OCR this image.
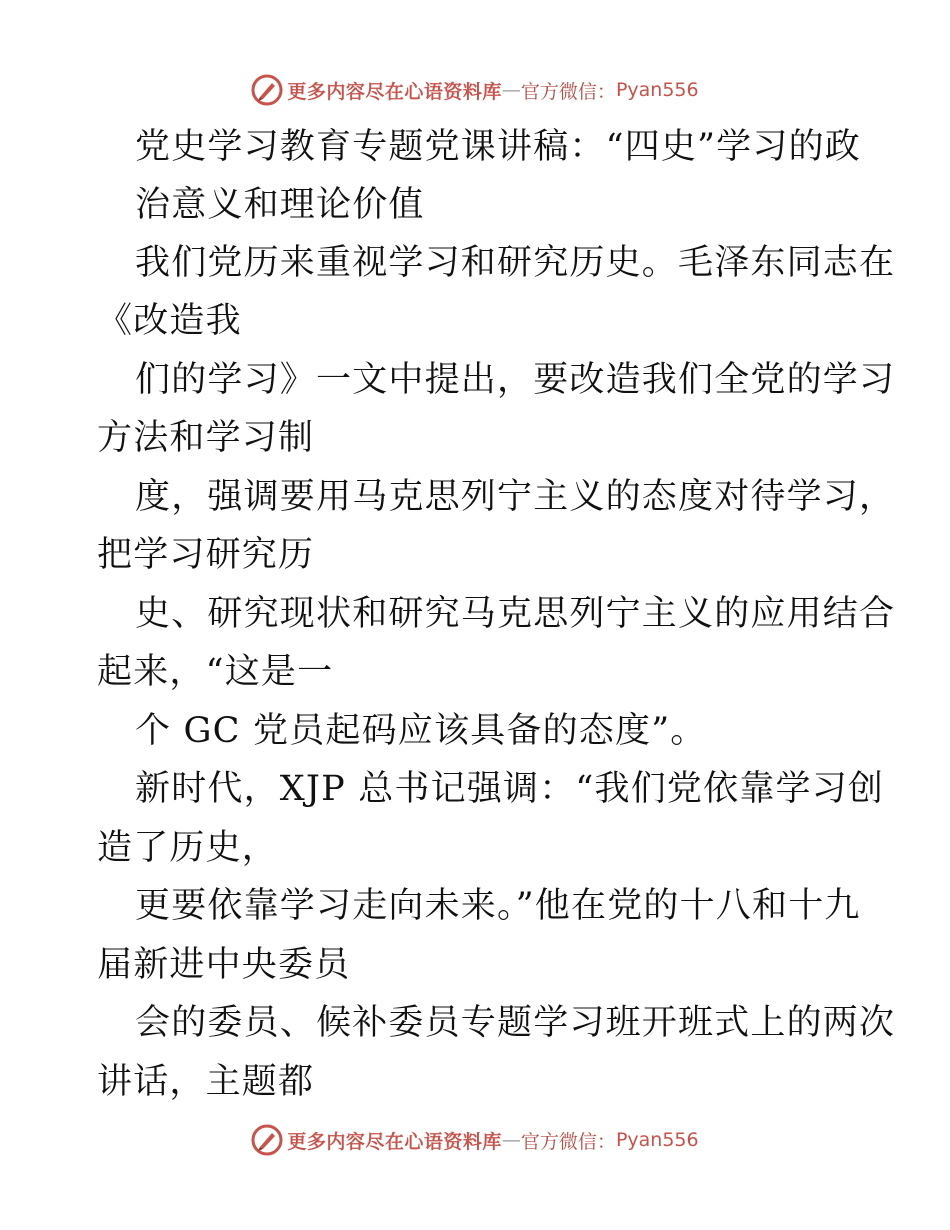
更多内容尽在心语资料库 — 官方微信： Pyan556
党史学习教育专题党课讲稿：“四史”学习的政
治意义和理论价值
我们党历来重视学习和研究历史。毛泽东同志在
《改造我
们的学习》一文中提出，要改造我们全党的学习
方法和学习制
度，强调要用马克思列宁主义的态度对待学习，
把学习研究历
史、研究现状和研究马克思列宁主义的应用结合
起来，“这是一
个 GC 党员起码应该具备的态度”。
新时代，XJP 总书记强调：“我们党依靠学习创
造了历史，
更要依靠学习走向未来。”他在党的十八和十九
届新进中央委员
会的委员、候补委员专题学习班开班式上的两次
讲话，主题都
更多内容尽在心语资料库 — 官方微信： Pyan556
